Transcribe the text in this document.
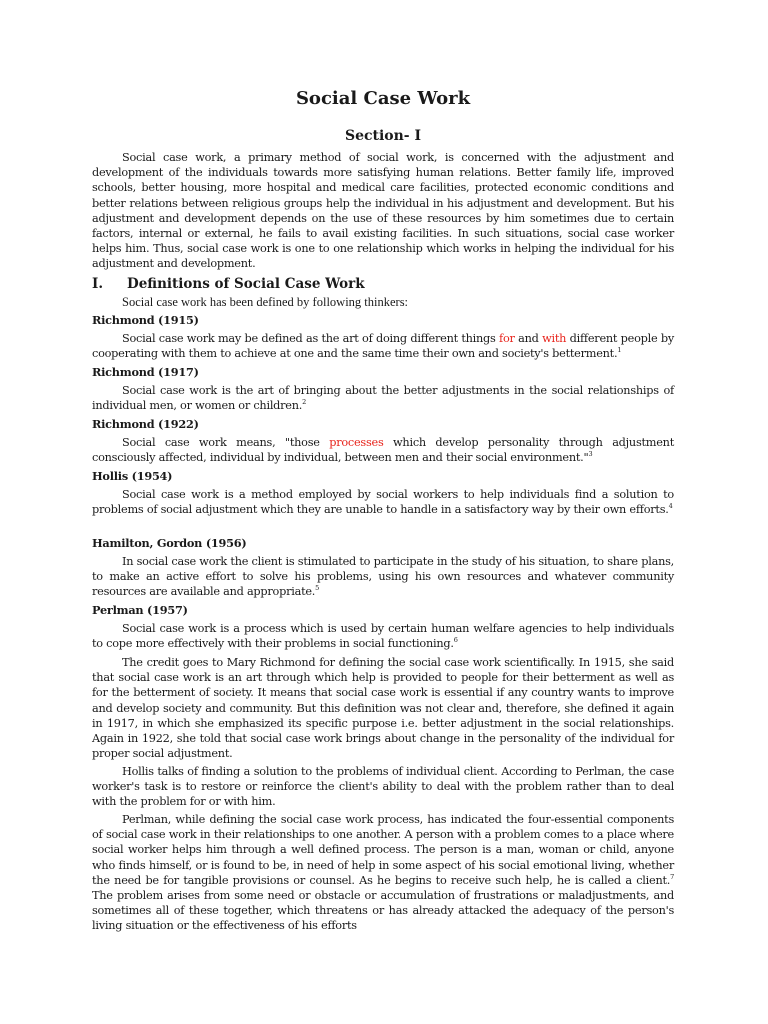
Social Case Work
Section- I

Social case work, a primary method of social work, is concerned with the adjustment and development of the individuals towards more satisfying human relations. Better family life, improved schools, better housing, more hospital and medical care facilities, protected economic conditions and better relations between religious groups help the individual in his adjustment and development. But his adjustment and development depends on the use of these resources by him sometimes due to certain factors, internal or external, he fails to avail existing facilities. In such situations, social case worker helps him. Thus, social case work is one to one relationship which works in helping the individual for his adjustment and development.

I. Definitions of Social Case Work

Social case work has been defined by following thinkers:

Richmond (1915)

Social case work may be defined as the art of doing different things for and with different people by cooperating with them to achieve at one and the same time their own and society's betterment.$^1$

Richmond (1917)

Social case work is the art of bringing about the better adjustments in the social relationships of individual men, or women or children.$^2$

Richmond (1922)

Social case work means, "those processes which develop personality through adjustment consciously affected, individual by individual, between men and their social environment."$^3$

Hollis (1954)

Social case work is a method employed by social workers to help individuals find a solution to problems of social adjustment which they are unable to handle in a satisfactory way by their own efforts.$^4$

Hamilton, Gordon (1956)

In social case work the client is stimulated to participate in the study of his situation, to share plans, to make an active effort to solve his problems, using his own resources and whatever community resources are available and appropriate.$^5$

Perlman (1957)

Social case work is a process which is used by certain human welfare agencies to help individuals to cope more effectively with their problems in social functioning.$^6$

The credit goes to Mary Richmond for defining the social case work scientifically. In 1915, she said that social case work is an art through which help is provided to people for their betterment as well as for the betterment of society. It means that social case work is essential if any country wants to improve and develop society and community. But this definition was not clear and, therefore, she defined it again in 1917, in which she emphasized its specific purpose i.e. better adjustment in the social relationships. Again in 1922, she told that social case work brings about change in the personality of the individual for proper social adjustment.

Hollis talks of finding a solution to the problems of individual client. According to Perlman, the case worker's task is to restore or reinforce the client's ability to deal with the problem rather than to deal with the problem for or with him.

Perlman, while defining the social case work process, has indicated the four-essential components of social case work in their relationships to one another. A person with a problem comes to a place where social worker helps him through a well defined process. The person is a man, woman or child, anyone who finds himself, or is found to be, in need of help in some aspect of his social emotional living, whether the need be for tangible provisions or counsel. As he begins to receive such help, he is called a client.$^7$ The problem arises from some need or obstacle or accumulation of frustrations or maladjustments, and sometimes all of these together, which threatens or has already attacked the adequacy of the person's living situation or the effectiveness of his efforts
